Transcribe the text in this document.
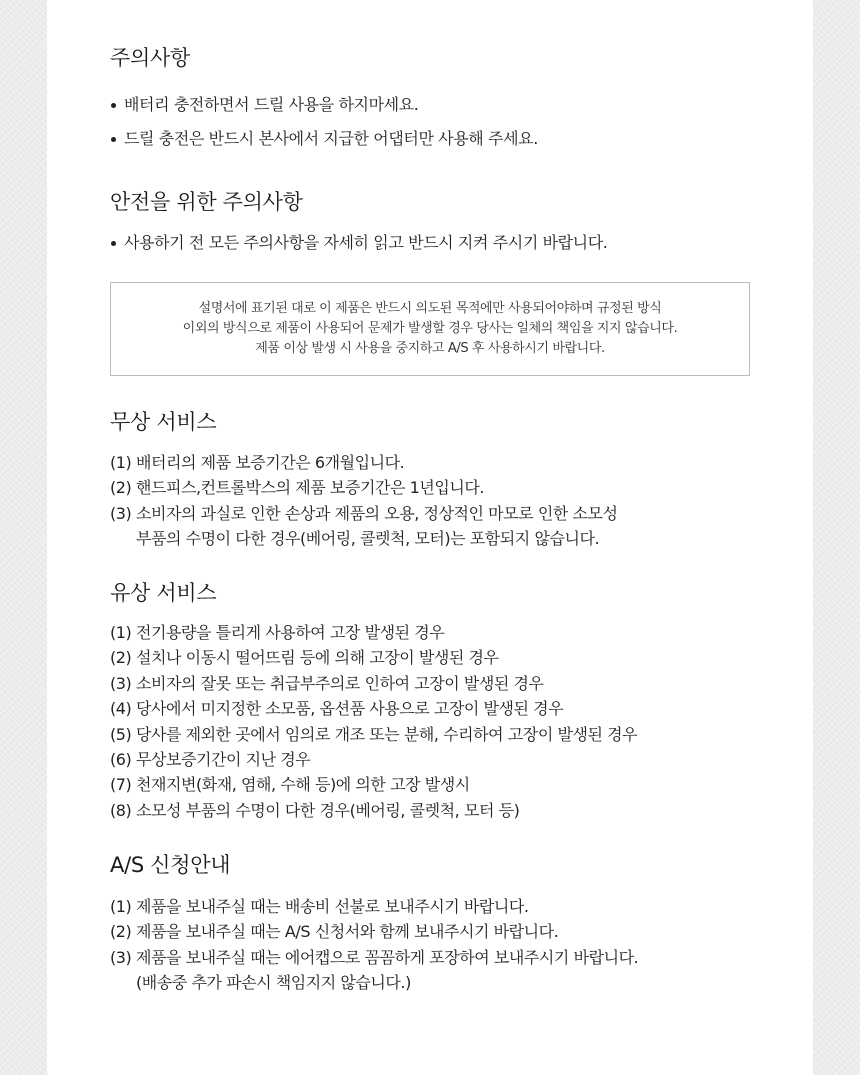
주의사항
배터리 충전하면서 드릴 사용을 하지마세요.
드릴 충전은 반드시 본사에서 지급한 어댑터만 사용해 주세요.
안전을 위한 주의사항
사용하기 전 모든 주의사항을 자세히 읽고 반드시 지켜 주시기 바랍니다.
설명서에 표기된 대로 이 제품은 반드시 의도된 목적에만 사용되어야하며 규정된 방식
이외의 방식으로 제품이 사용되어 문제가 발생할 경우 당사는 일체의 책임을 지지 않습니다.
제품 이상 발생 시 사용을 중지하고 A/S 후 사용하시기 바랍니다.
무상 서비스
(1) 배터리의 제품 보증기간은 6개월입니다.
(2) 핸드피스,컨트롤박스의 제품 보증기간은 1년입니다.
(3) 소비자의 과실로 인한 손상과 제품의 오용, 정상적인 마모로 인한 소모성
부품의 수명이 다한 경우(베어링, 콜렛척, 모터)는 포함되지 않습니다.
유상 서비스
(1) 전기용량을 틀리게 사용하여 고장 발생된 경우
(2) 설치나 이동시 떨어뜨림 등에 의해 고장이 발생된 경우
(3) 소비자의 잘못 또는 취급부주의로 인하여 고장이 발생된 경우
(4) 당사에서 미지정한 소모품, 옵션품 사용으로 고장이 발생된 경우
(5) 당사를 제외한 곳에서 임의로 개조 또는 분해, 수리하여 고장이 발생된 경우
(6) 무상보증기간이 지난 경우
(7) 천재지변(화재, 염해, 수해 등)에 의한 고장 발생시
(8) 소모성 부품의 수명이 다한 경우(베어링, 콜렛척, 모터 등)
A/S 신청안내
(1) 제품을 보내주실 때는 배송비 선불로 보내주시기 바랍니다.
(2) 제품을 보내주실 때는 A/S 신청서와 함께 보내주시기 바랍니다.
(3) 제품을 보내주실 때는 에어캡으로 꼼꼼하게 포장하여 보내주시기 바랍니다.
(배송중 추가 파손시 책임지지 않습니다.)
